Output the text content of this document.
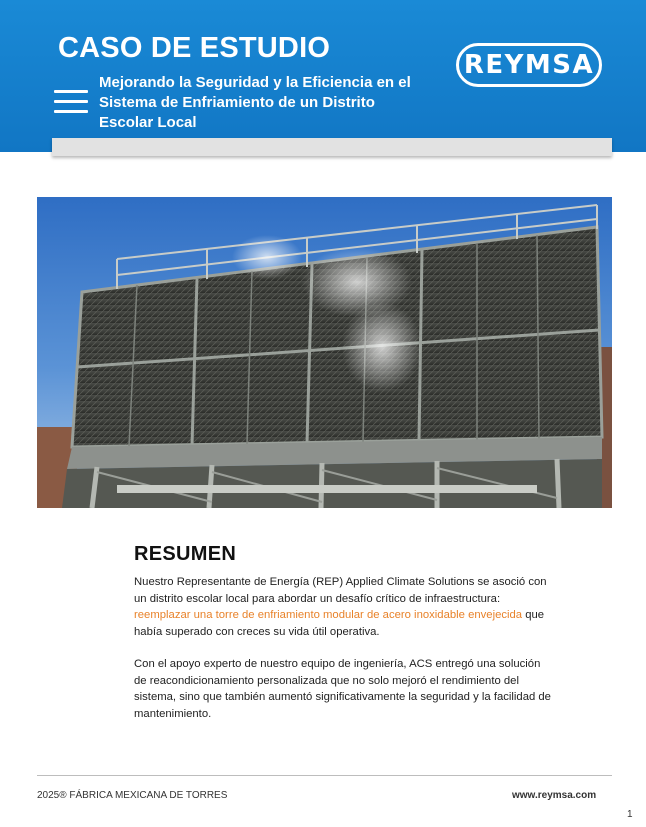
CASO DE ESTUDIO

Mejorando la Seguridad y la Eficiencia en el Sistema de Enfriamiento de un Distrito Escolar Local

REYMSA
RESUMEN

Nuestro Representante de Energía (REP) Applied Climate Solutions se asoció con un distrito escolar local para abordar un desafío crítico de infraestructura: reemplazar una torre de enfriamiento modular de acero inoxidable envejecida que había superado con creces su vida útil operativa.

Con el apoyo experto de nuestro equipo de ingeniería, ACS entregó una solución de reacondicionamiento personalizada que no solo mejoró el rendimiento del sistema, sino que también aumentó significativamente la seguridad y la facilidad de mantenimiento.

2025® FÁBRICA MEXICANA DE TORRES	www.reymsa.com
1
